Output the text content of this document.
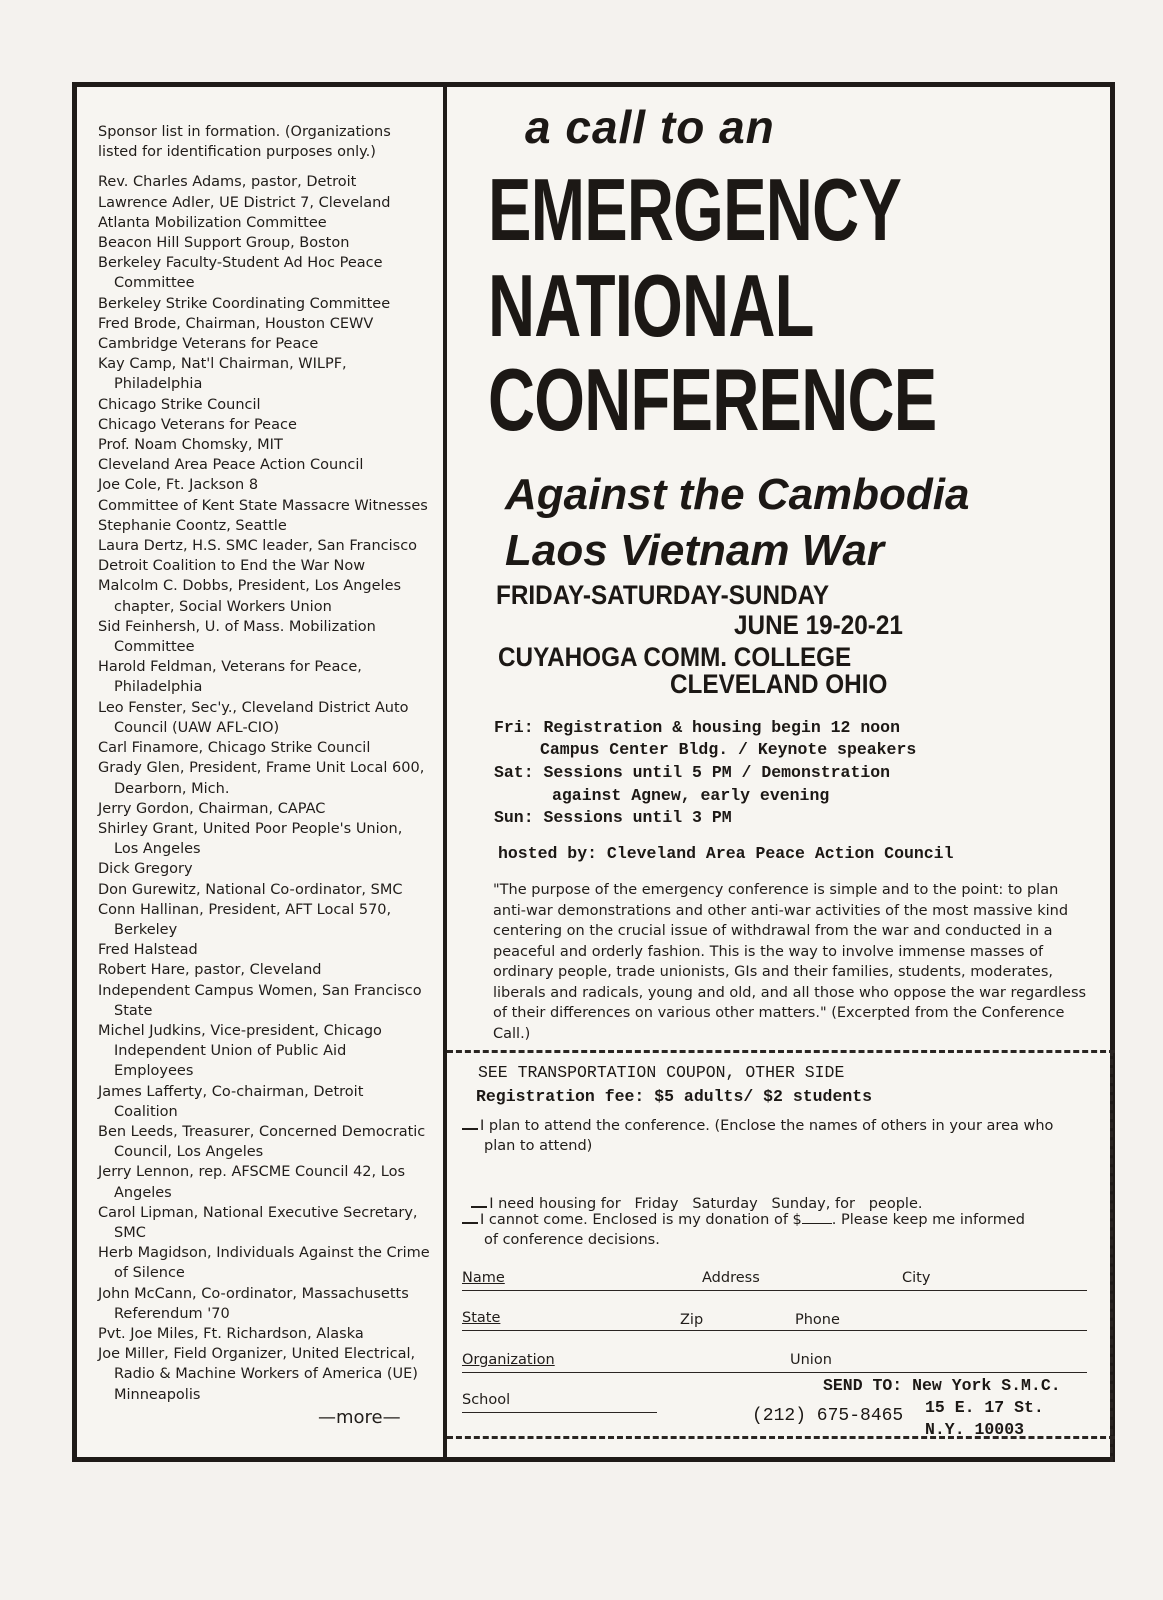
Sponsor list in formation. (Organizations listed for identification purposes only.)

Rev. Charles Adams, pastor, Detroit

Lawrence Adler, UE District 7, Cleveland

Atlanta Mobilization Committee

Beacon Hill Support Group, Boston

Berkeley Faculty-Student Ad Hoc Peace Committee

Berkeley Strike Coordinating Committee

Fred Brode, Chairman, Houston CEWV

Cambridge Veterans for Peace

Kay Camp, Nat'l Chairman, WILPF, Philadelphia

Chicago Strike Council

Chicago Veterans for Peace

Prof. Noam Chomsky, MIT

Cleveland Area Peace Action Council

Joe Cole, Ft. Jackson 8

Committee of Kent State Massacre Witnesses

Stephanie Coontz, Seattle

Laura Dertz, H.S. SMC leader, San Francisco

Detroit Coalition to End the War Now

Malcolm C. Dobbs, President, Los Angeles chapter, Social Workers Union

Sid Feinhersh, U. of Mass. Mobilization Committee

Harold Feldman, Veterans for Peace, Philadelphia

Leo Fenster, Sec'y., Cleveland District Auto Council (UAW AFL-CIO)

Carl Finamore, Chicago Strike Council

Grady Glen, President, Frame Unit Local 600, Dearborn, Mich.

Jerry Gordon, Chairman, CAPAC

Shirley Grant, United Poor People's Union, Los Angeles

Dick Gregory

Don Gurewitz, National Co-ordinator, SMC

Conn Hallinan, President, AFT Local 570, Berkeley

Fred Halstead

Robert Hare, pastor, Cleveland

Independent Campus Women, San Francisco State

Michel Judkins, Vice-president, Chicago Independent Union of Public Aid Employees

James Lafferty, Co-chairman, Detroit Coalition

Ben Leeds, Treasurer, Concerned Democratic Council, Los Angeles

Jerry Lennon, rep. AFSCME Council 42, Los Angeles

Carol Lipman, National Executive Secretary, SMC

Herb Magidson, Individuals Against the Crime of Silence

John McCann, Co-ordinator, Massachusetts Referendum '70

Pvt. Joe Miles, Ft. Richardson, Alaska

Joe Miller, Field Organizer, United Electrical, Radio & Machine Workers of America (UE) Minneapolis

—more—
a call to an
EMERGENCY
NATIONAL
CONFERENCE
Against the Cambodia
Laos Vietnam War
FRIDAY-SATURDAY-SUNDAY
JUNE 19-20-21
CUYAHOGA COMM. COLLEGE
CLEVELAND OHIO
Fri: Registration & housing begin 12 noon
Campus Center Bldg. / Keynote speakers
Sat: Sessions until 5 PM / Demonstration
against Agnew, early evening
Sun: Sessions until 3 PM
hosted by: Cleveland Area Peace Action Council
"The purpose of the emergency conference is simple and to the point: to plan anti-war demonstrations and other anti-war activities of the most massive kind centering on the crucial issue of withdrawal from the war and conducted in a peaceful and orderly fashion. This is the way to involve immense masses of ordinary people, trade unionists, GIs and their families, students, moderates, liberals and radicals, young and old, and all those who oppose the war regardless of their differences on various other matters." (Excerpted from the Conference Call.)
SEE TRANSPORTATION COUPON, OTHER SIDE
Registration fee: $5 adults/ $2 students
I plan to attend the conference. (Enclose the names of others in your area who
plan to attend)

I need housing for   Friday   Saturday   Sunday, for   people.

I cannot come. Enclosed is my donation of $ . Please keep me informed
of conference decisions.
Name	Address	City
State	Zip	Phone
Organization	Union
School
SEND TO: New York S.M.C.
15 E. 17 St.
N.Y. 10003
(212) 675-8465
